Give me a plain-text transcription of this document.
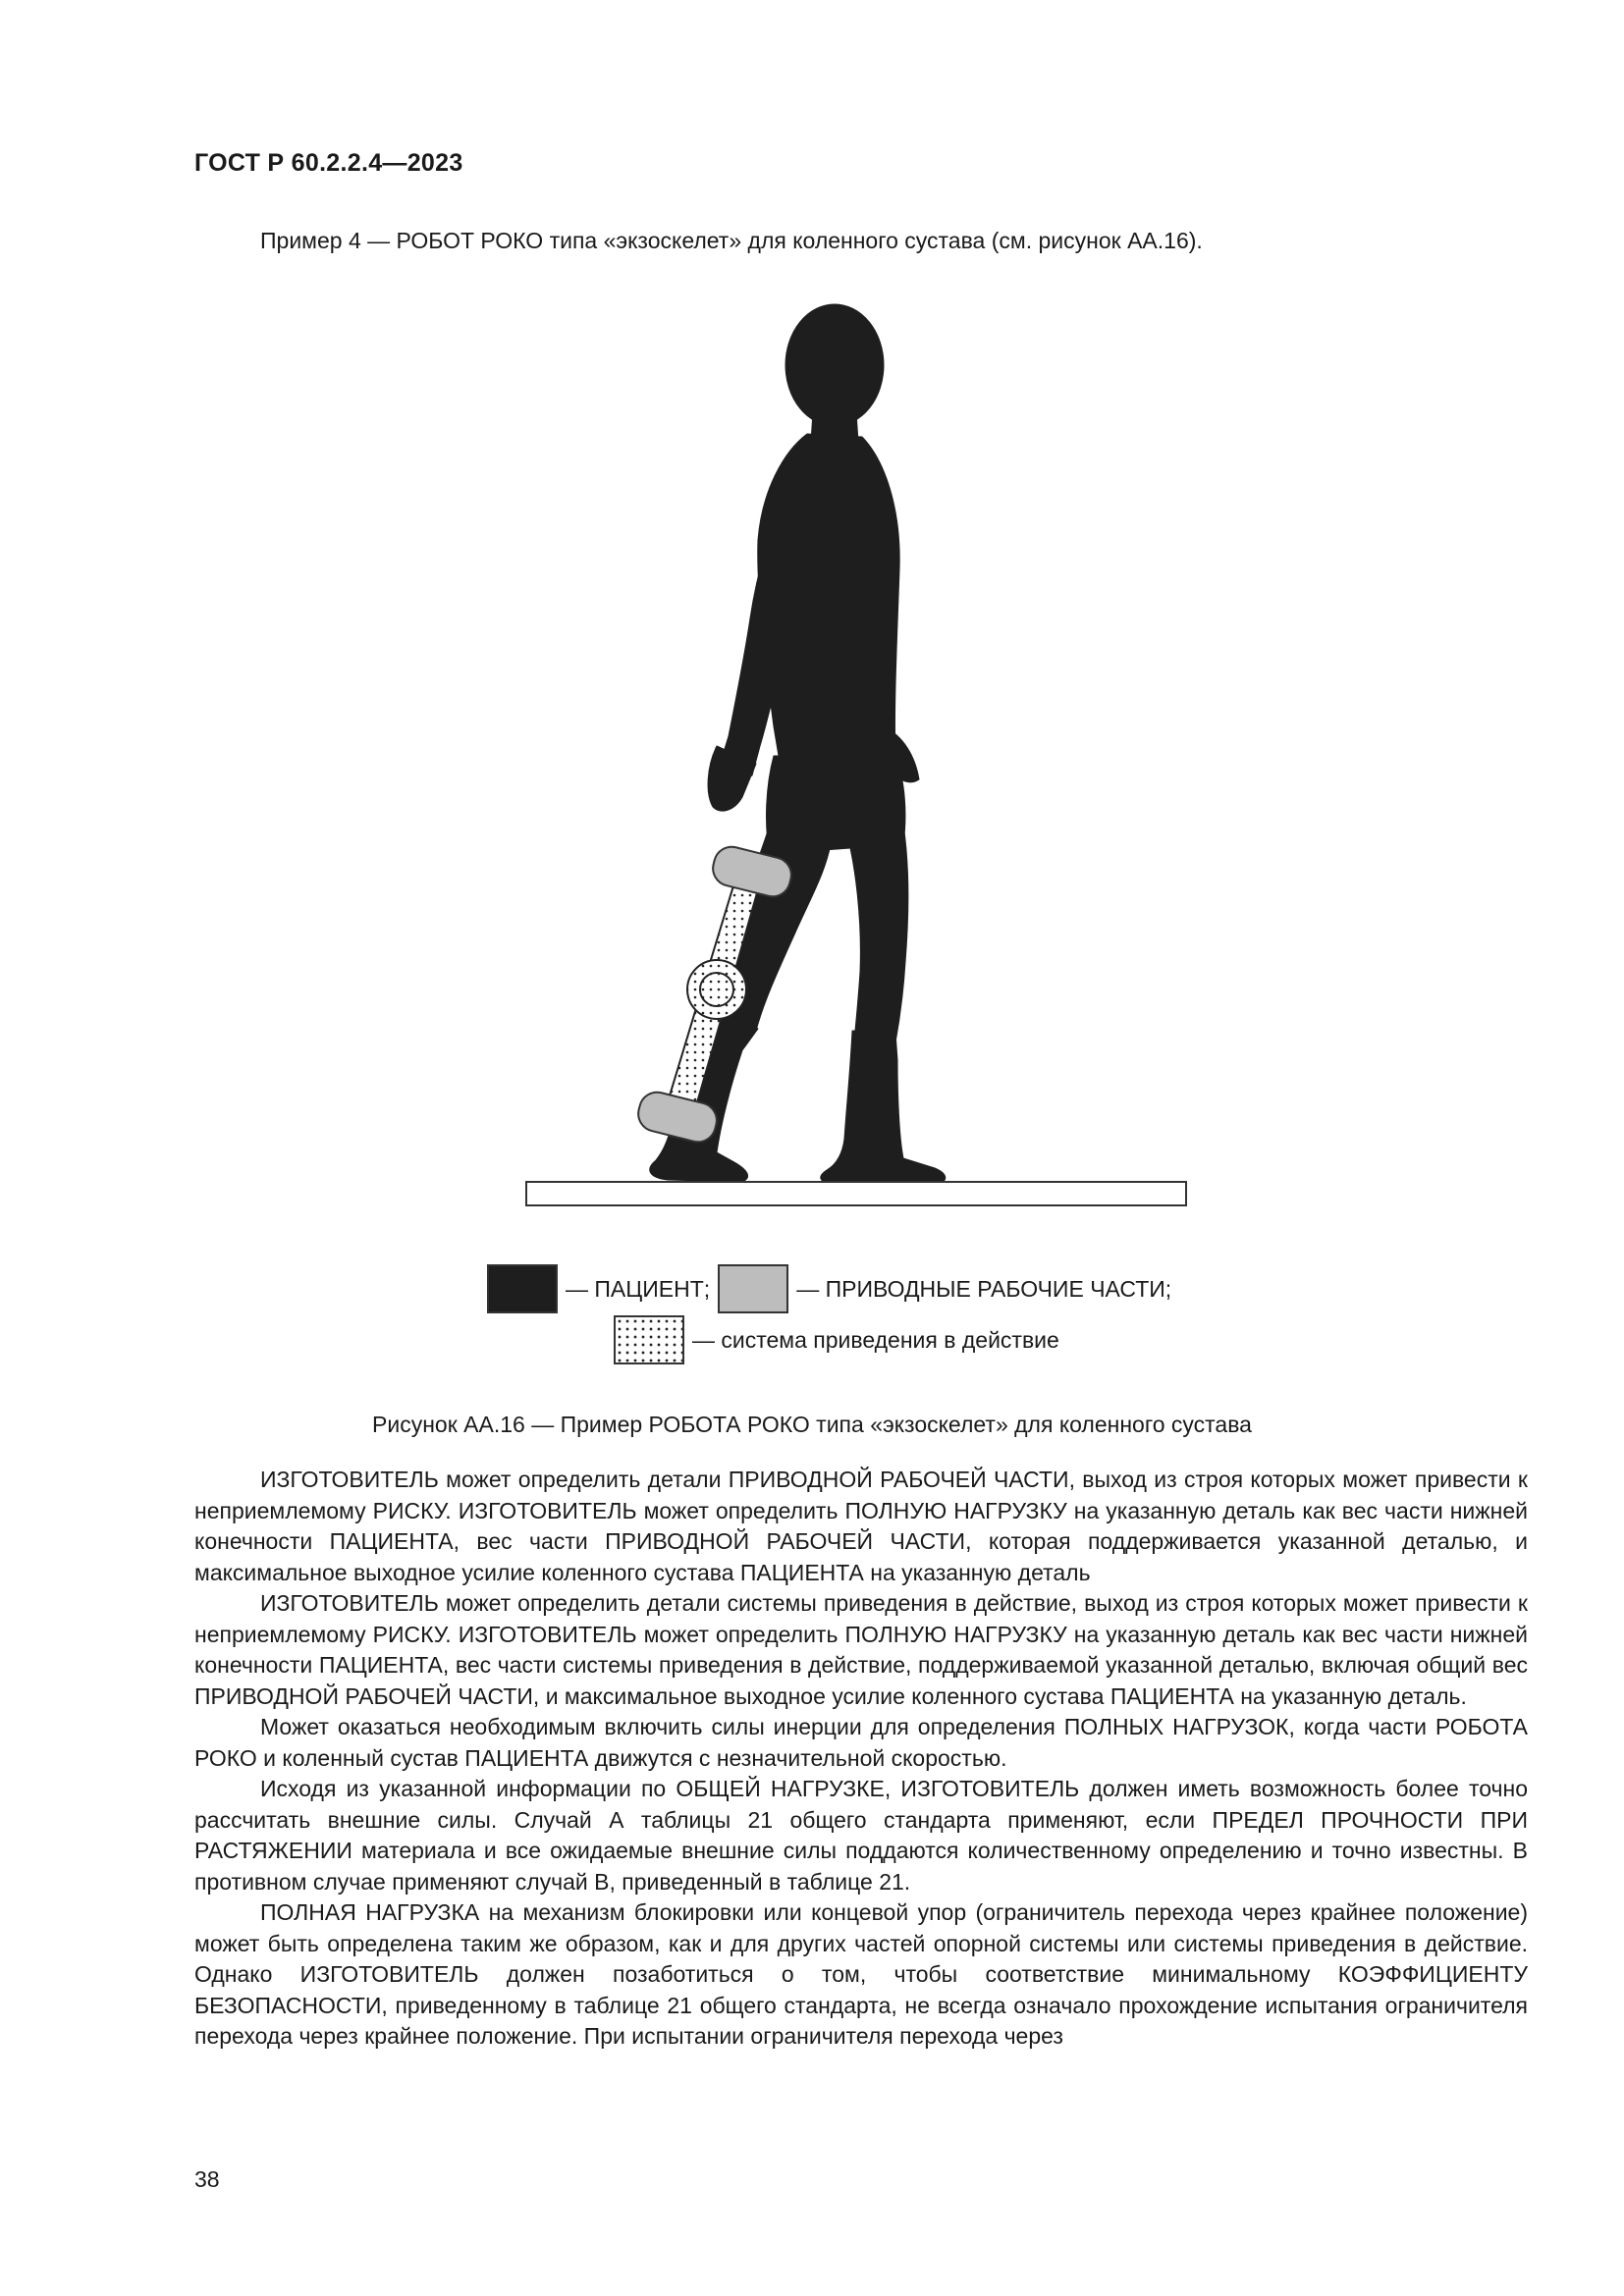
ГОСТ Р 60.2.2.4—2023
Пример 4 — РОБОТ РОКО типа «экзоскелет» для коленного сустава (см. рисунок АА.16).
— ПАЦИЕНТ;	— ПРИВОДНЫЕ РАБОЧИЕ ЧАСТИ;
— система приведения в действие
Рисунок АА.16 — Пример РОБОТА РОКО типа «экзоскелет» для коленного сустава

ИЗГОТОВИТЕЛЬ может определить детали ПРИВОДНОЙ РАБОЧЕЙ ЧАСТИ, выход из строя которых может привести к неприемлемому РИСКУ. ИЗГОТОВИТЕЛЬ может определить ПОЛНУЮ НАГРУЗКУ на указанную деталь как вес части нижней конечности ПАЦИЕНТА, вес части ПРИВОДНОЙ РАБОЧЕЙ ЧАСТИ, которая поддерживается указанной деталью, и максимальное выходное усилие коленного сустава ПАЦИЕНТА на указанную деталь

ИЗГОТОВИТЕЛЬ может определить детали системы приведения в действие, выход из строя которых может привести к неприемлемому РИСКУ. ИЗГОТОВИТЕЛЬ может определить ПОЛНУЮ НАГРУЗКУ на указанную деталь как вес части нижней конечности ПАЦИЕНТА, вес части системы приведения в действие, поддерживаемой указанной деталью, включая общий вес ПРИВОДНОЙ РАБОЧЕЙ ЧАСТИ, и максимальное выходное усилие коленного сустава ПАЦИЕНТА на указанную деталь.

Может оказаться необходимым включить силы инерции для определения ПОЛНЫХ НАГРУЗОК, когда части РОБОТА РОКО и коленный сустав ПАЦИЕНТА движутся с незначительной скоростью.

Исходя из указанной информации по ОБЩЕЙ НАГРУЗКЕ, ИЗГОТОВИТЕЛЬ должен иметь возможность более точно рассчитать внешние силы. Случай А таблицы 21 общего стандарта применяют, если ПРЕДЕЛ ПРОЧНОСТИ ПРИ РАСТЯЖЕНИИ материала и все ожидаемые внешние силы поддаются количественному определению и точно известны. В противном случае применяют случай В, приведенный в таблице 21.

ПОЛНАЯ НАГРУЗКА на механизм блокировки или концевой упор (ограничитель перехода через крайнее положение) может быть определена таким же образом, как и для других частей опорной системы или системы приведения в действие. Однако ИЗГОТОВИТЕЛЬ должен позаботиться о том, чтобы соответствие минимальному КОЭФФИЦИЕНТУ БЕЗОПАСНОСТИ, приведенному в таблице 21 общего стандарта, не всегда означало прохождение испытания ограничителя перехода через крайнее положение. При испытании ограничителя перехода через

38
